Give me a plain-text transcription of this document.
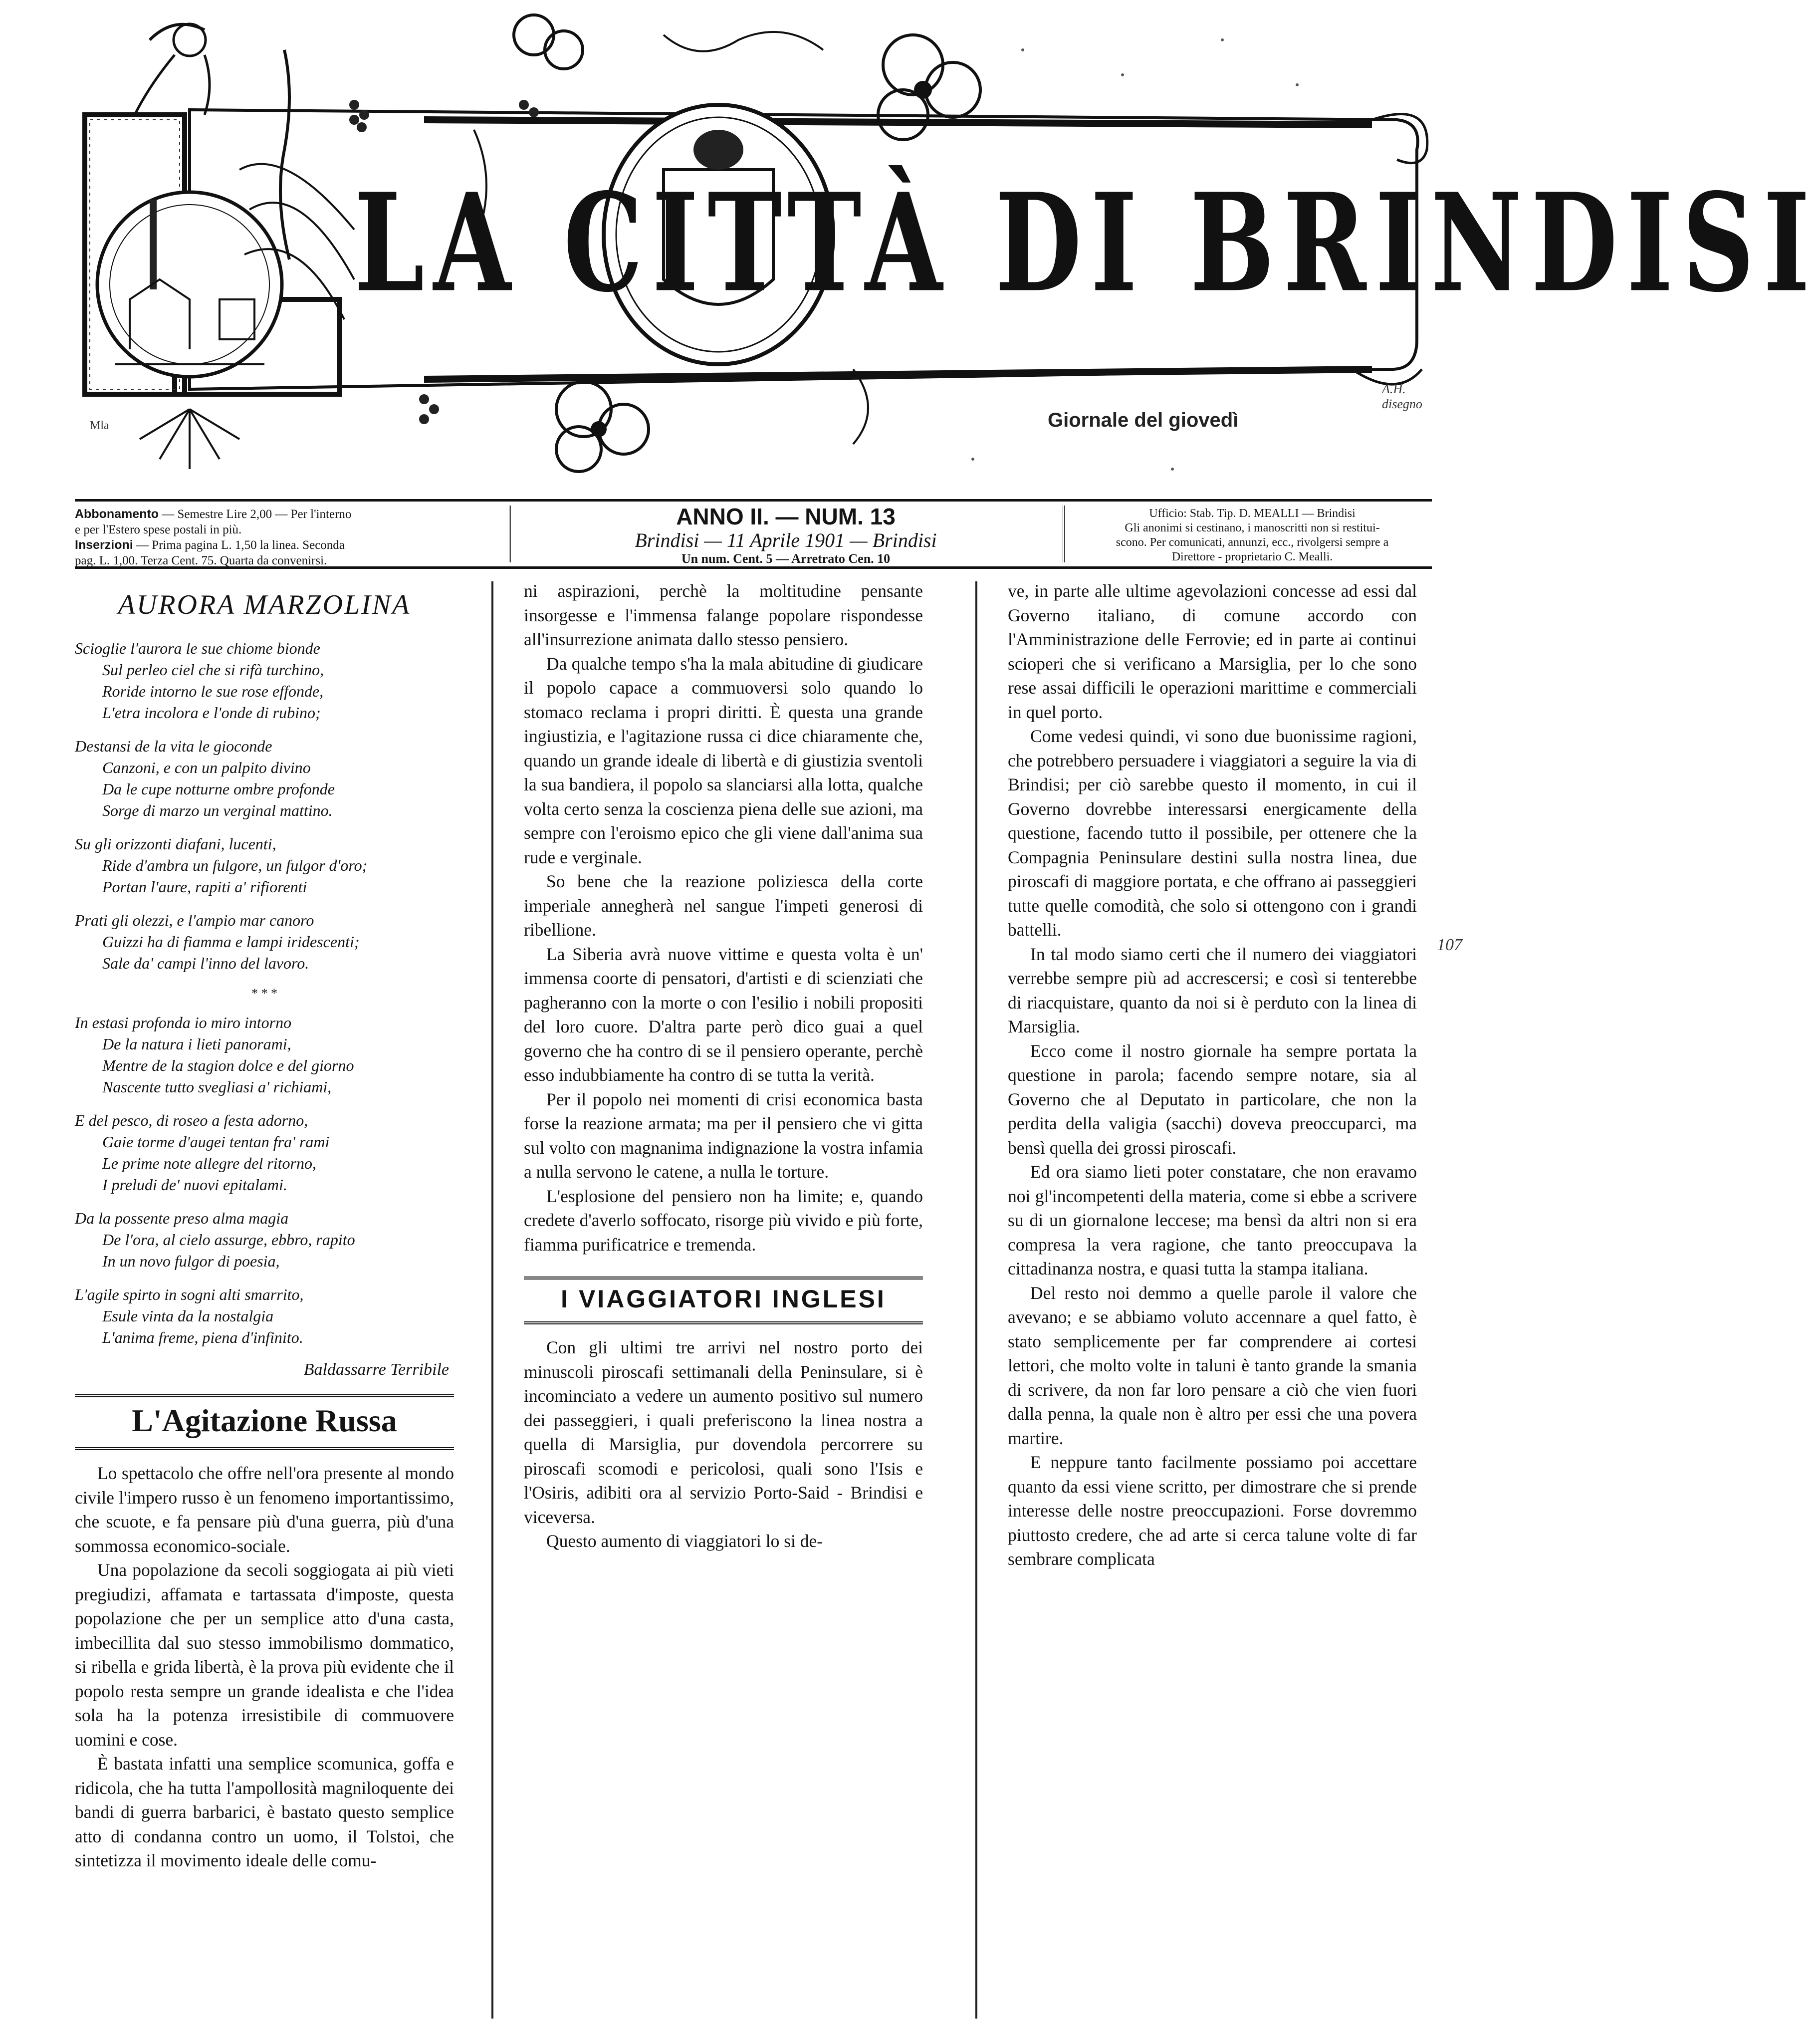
LA CITTÀ DI BRINDISI
Giornale del giovedì
A.H. disegno
Mla
Abbonamento — Semestre Lire 2,00 — Per l'interno
e per l'Estero spese postali in più.
Inserzioni — Prima pagina L. 1,50 la linea. Seconda
pag. L. 1,00. Terza Cent. 75. Quarta da convenirsi.
ANNO II. — NUM. 13
Brindisi — 11 Aprile 1901 — Brindisi
Un num. Cent. 5 — Arretrato Cen. 10
Ufficio: Stab. Tip. D. MEALLI — Brindisi
Gli anonimi si cestinano, i manoscritti non si restitui-
scono. Per comunicati, annunzi, ecc., rivolgersi sempre a
Direttore - proprietario C. Mealli.
AURORA MARZOLINA
Scioglie l'aurora le sue chiome bionde
Sul perleo ciel che si rifà turchino,
Roride intorno le sue rose effonde,
L'etra incolora e l'onde di rubino;
Destansi de la vita le gioconde
Canzoni, e con un palpito divino
Da le cupe notturne ombre profonde
Sorge di marzo un verginal mattino.
Su gli orizzonti diafani, lucenti,
Ride d'ambra un fulgore, un fulgor d'oro;
Portan l'aure, rapiti a' rifiorenti
Prati gli olezzi, e l'ampio mar canoro
Guizzi ha di fiamma e lampi iridescenti;
Sale da' campi l'inno del lavoro.
* * *
In estasi profonda io miro intorno
De la natura i lieti panorami,
Mentre de la stagion dolce e del giorno
Nascente tutto svegliasi a' richiami,
E del pesco, di roseo a festa adorno,
Gaie torme d'augei tentan fra' rami
Le prime note allegre del ritorno,
I preludi de' nuovi epitalami.
Da la possente preso alma magia
De l'ora, al cielo assurge, ebbro, rapito
In un novo fulgor di poesia,
L'agile spirto in sogni alti smarrito,
Esule vinta da la nostalgia
L'anima freme, piena d'infinito.
Baldassarre Terribile
L'Agitazione Russa

Lo spettacolo che offre nell'ora presente al mondo civile l'impero russo è un fenomeno importantissimo, che scuote, e fa pensare più d'una guerra, più d'una sommossa economico-sociale.

Una popolazione da secoli soggiogata ai più vieti pregiudizi, affamata e tartassata d'imposte, questa popolazione che per un semplice atto d'una casta, imbecillita dal suo stesso immobilismo dommatico, si ribella e grida libertà, è la prova più evidente che il popolo resta sempre un grande idealista e che l'idea sola ha la potenza irresistibile di commuovere uomini e cose.

È bastata infatti una semplice scomunica, goffa e ridicola, che ha tutta l'ampollosità magniloquente dei bandi di guerra barbarici, è bastato questo semplice atto di condanna contro un uomo, il Tolstoi, che sintetizza il movimento ideale delle comu-

ni aspirazioni, perchè la moltitudine pensante insorgesse e l'immensa falange popolare rispondesse all'insurrezione animata dallo stesso pensiero.

Da qualche tempo s'ha la mala abitudine di giudicare il popolo capace a commuoversi solo quando lo stomaco reclama i propri diritti. È questa una grande ingiustizia, e l'agitazione russa ci dice chiaramente che, quando un grande ideale di libertà e di giustizia sventoli la sua bandiera, il popolo sa slanciarsi alla lotta, qualche volta certo senza la coscienza piena delle sue azioni, ma sempre con l'eroismo epico che gli viene dall'anima sua rude e verginale.

So bene che la reazione poliziesca della corte imperiale annegherà nel sangue l'impeti generosi di ribellione.

La Siberia avrà nuove vittime e questa volta è un' immensa coorte di pensatori, d'artisti e di scienziati che pagheranno con la morte o con l'esilio i nobili propositi del loro cuore. D'altra parte però dico guai a quel governo che ha contro di se il pensiero operante, perchè esso indubbiamente ha contro di se tutta la verità.

Per il popolo nei momenti di crisi economica basta forse la reazione armata; ma per il pensiero che vi gitta sul volto con magnanima indignazione la vostra infamia a nulla servono le catene, a nulla le torture.

L'esplosione del pensiero non ha limite; e, quando credete d'averlo soffocato, risorge più vivido e più forte, fiamma purificatrice e tremenda.

I VIAGGIATORI INGLESI

Con gli ultimi tre arrivi nel nostro porto dei minuscoli piroscafi settimanali della Peninsulare, si è incominciato a vedere un aumento positivo sul numero dei passeggieri, i quali preferiscono la linea nostra a quella di Marsiglia, pur dovendola percorrere su piroscafi scomodi e pericolosi, quali sono l'Isis e l'Osiris, adibiti ora al servizio Porto-Said - Brindisi e viceversa.

Questo aumento di viaggiatori lo si de-

ve, in parte alle ultime agevolazioni concesse ad essi dal Governo italiano, di comune accordo con l'Amministrazione delle Ferrovie; ed in parte ai continui scioperi che si verificano a Marsiglia, per lo che sono rese assai difficili le operazioni marittime e commerciali in quel porto.

Come vedesi quindi, vi sono due buonissime ragioni, che potrebbero persuadere i viaggiatori a seguire la via di Brindisi; per ciò sarebbe questo il momento, in cui il Governo dovrebbe interessarsi energicamente della questione, facendo tutto il possibile, per ottenere che la Compagnia Peninsulare destini sulla nostra linea, due piroscafi di maggiore portata, e che offrano ai passeggieri tutte quelle comodità, che solo si ottengono con i grandi battelli.

In tal modo siamo certi che il numero dei viaggiatori verrebbe sempre più ad accrescersi; e così si tenterebbe di riacquistare, quanto da noi si è perduto con la linea di Marsiglia.

Ecco come il nostro giornale ha sempre portata la questione in parola; facendo sempre notare, sia al Governo che al Deputato in particolare, che non la perdita della valigia (sacchi) doveva preoccuparci, ma bensì quella dei grossi piroscafi.

Ed ora siamo lieti poter constatare, che non eravamo noi gl'incompetenti della materia, come si ebbe a scrivere su di un giornalone leccese; ma bensì da altri non si era compresa la vera ragione, che tanto preoccupava la cittadinanza nostra, e quasi tutta la stampa italiana.

Del resto noi demmo a quelle parole il valore che avevano; e se abbiamo voluto accennare a quel fatto, è stato semplicemente per far comprendere ai cortesi lettori, che molto volte in taluni è tanto grande la smania di scrivere, da non far loro pensare a ciò che vien fuori dalla penna, la quale non è altro per essi che una povera martire.

E neppure tanto facilmente possiamo poi accettare quanto da essi viene scritto, per dimostrare che si prende interesse delle nostre preoccupazioni. Forse dovremmo piuttosto credere, che ad arte si cerca talune volte di far sembrare complicata

107
